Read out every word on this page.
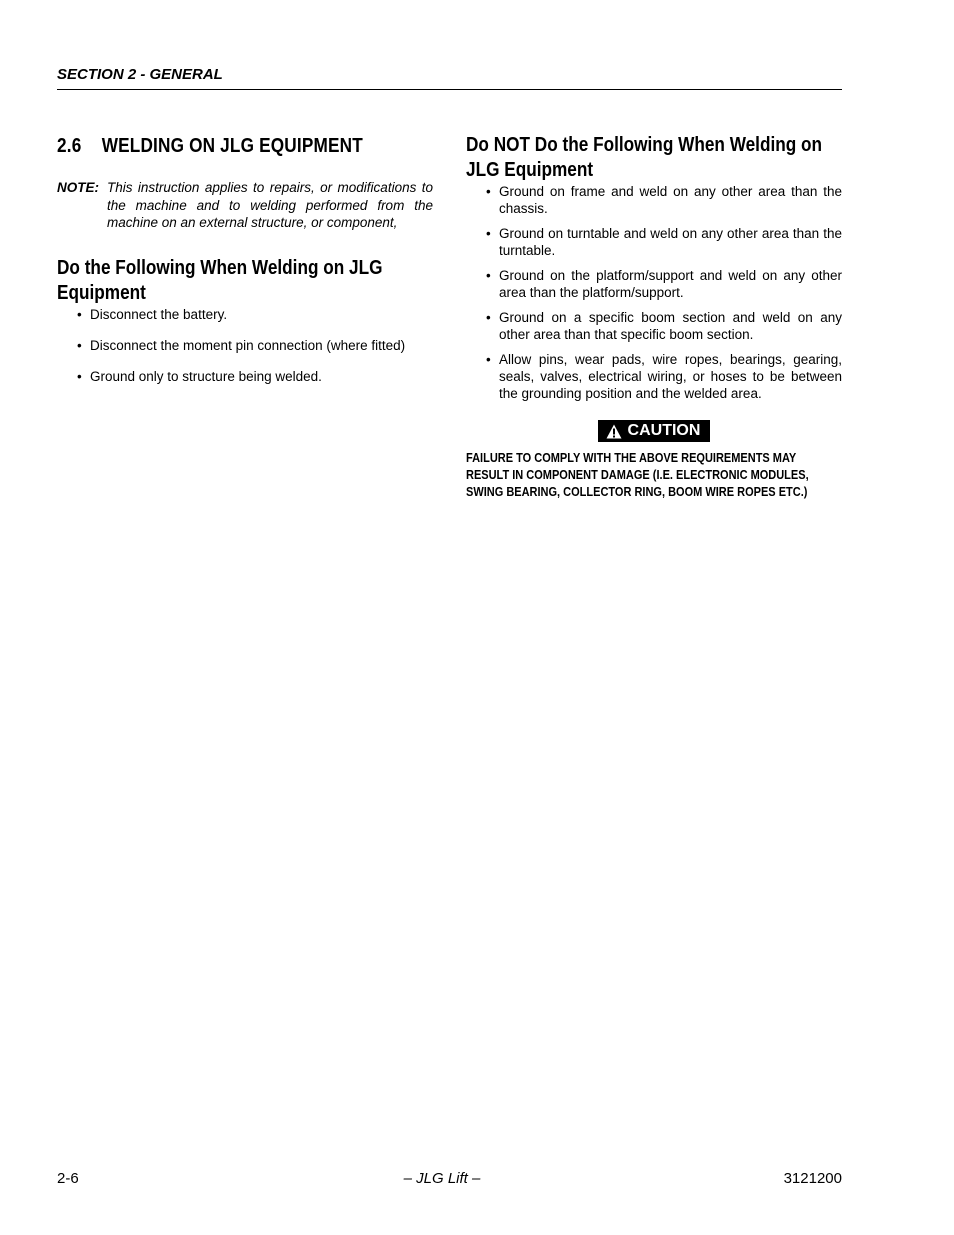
SECTION 2 - GENERAL
2.6 WELDING ON JLG EQUIPMENT
NOTE: This instruction applies to repairs, or modifications to the machine and to welding performed from the machine on an external structure, or component,
Do the Following When Welding on JLG Equipment
• Disconnect the battery.
• Disconnect the moment pin connection (where fitted)
• Ground only to structure being welded.
Do NOT Do the Following When Welding on JLG Equipment
• Ground on frame and weld on any other area than the chassis.
• Ground on turntable and weld on any other area than the turntable.
• Ground on the platform/support and weld on any other area than the platform/support.
• Ground on a specific boom section and weld on any other area than that specific boom section.
• Allow pins, wear pads, wire ropes, bearings, gearing, seals, valves, electrical wiring, or hoses to be between the grounding position and the welded area.
CAUTION
FAILURE TO COMPLY WITH THE ABOVE REQUIREMENTS MAY RESULT IN COMPONENT DAMAGE (I.E. ELECTRONIC MODULES, SWING BEARING, COLLECTOR RING, BOOM WIRE ROPES ETC.)
2-6	– JLG Lift –	3121200
